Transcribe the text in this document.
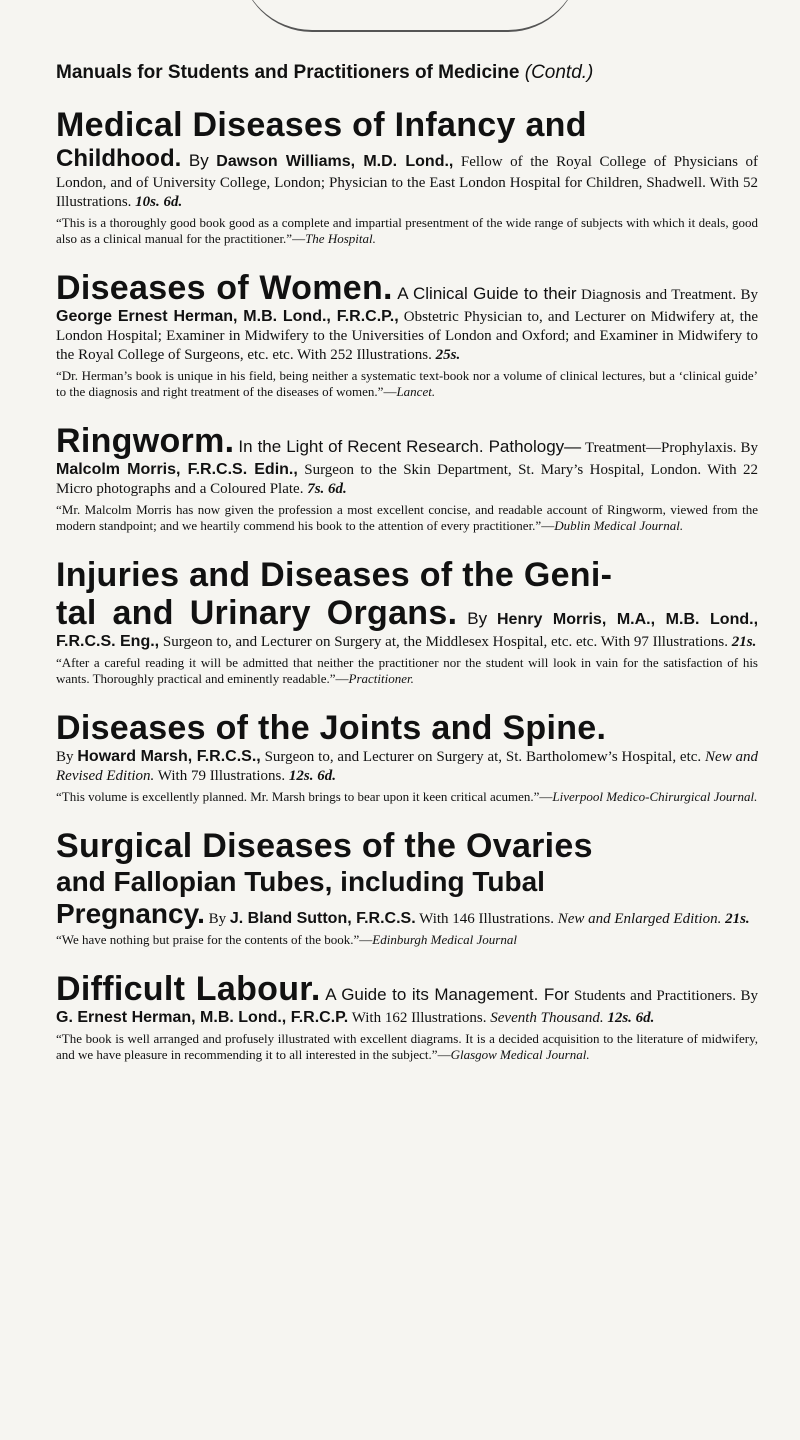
Manuals for Students and Practitioners of Medicine (Contd.)
Medical Diseases of Infancy and
Childhood. By Dawson Williams, M.D. Lond., Fellow of the Royal College of Physicians of London, and of University College, London; Physician to the East London Hospital for Children, Shadwell. With 52 Illustrations. 10s. 6d.
“This is a thoroughly good book good as a complete and impartial presentment of the wide range of subjects with which it deals, good also as a clinical manual for the practitioner.”—The Hospital.
Diseases of Women. A Clinical Guide to their Diagnosis and Treatment. By George Ernest Herman, M.B. Lond., F.R.C.P., Obstetric Physician to, and Lecturer on Midwifery at, the London Hospital; Examiner in Midwifery to the Universities of London and Oxford; and Examiner in Midwifery to the Royal College of Surgeons, etc. etc. With 252 Illustrations. 25s.
“Dr. Herman’s book is unique in his field, being neither a systematic text-book nor a volume of clinical lectures, but a ‘clinical guide’ to the diagnosis and right treatment of the diseases of women.”—Lancet.
Ringworm. In the Light of Recent Research. Pathology— Treatment—Prophylaxis. By Malcolm Morris, F.R.C.S. Edin., Surgeon to the Skin Department, St. Mary’s Hospital, London. With 22 Micro photographs and a Coloured Plate. 7s. 6d.
“Mr. Malcolm Morris has now given the profession a most excellent concise, and readable account of Ringworm, viewed from the modern standpoint; and we heartily commend his book to the attention of every practitioner.”—Dublin Medical Journal.
Injuries and Diseases of the Geni-
tal and Urinary Organs. By Henry Morris, M.A., M.B. Lond., F.R.C.S. Eng., Surgeon to, and Lecturer on Surgery at, the Middlesex Hospital, etc. etc. With 97 Illustrations. 21s.
“After a careful reading it will be admitted that neither the practitioner nor the student will look in vain for the satisfaction of his wants. Thoroughly practical and eminently readable.”—Practitioner.
Diseases of the Joints and Spine.
By Howard Marsh, F.R.C.S., Surgeon to, and Lecturer on Surgery at, St. Bartholomew’s Hospital, etc. New and Revised Edition. With 79 Illustrations. 12s. 6d.
“This volume is excellently planned. Mr. Marsh brings to bear upon it keen critical acumen.”—Liverpool Medico-Chirurgical Journal.
Surgical Diseases of the Ovaries
and Fallopian Tubes, including Tubal
Pregnancy. By J. Bland Sutton, F.R.C.S. With 146 Illustrations. New and Enlarged Edition. 21s.
“We have nothing but praise for the contents of the book.”—Edinburgh Medical Journal
Difficult Labour. A Guide to its Management. For Students and Practitioners. By G. Ernest Herman, M.B. Lond., F.R.C.P. With 162 Illustrations. Seventh Thousand. 12s. 6d.
“The book is well arranged and profusely illustrated with excellent diagrams. It is a decided acquisition to the literature of midwifery, and we have pleasure in recommending it to all interested in the subject.”—Glasgow Medical Journal.
